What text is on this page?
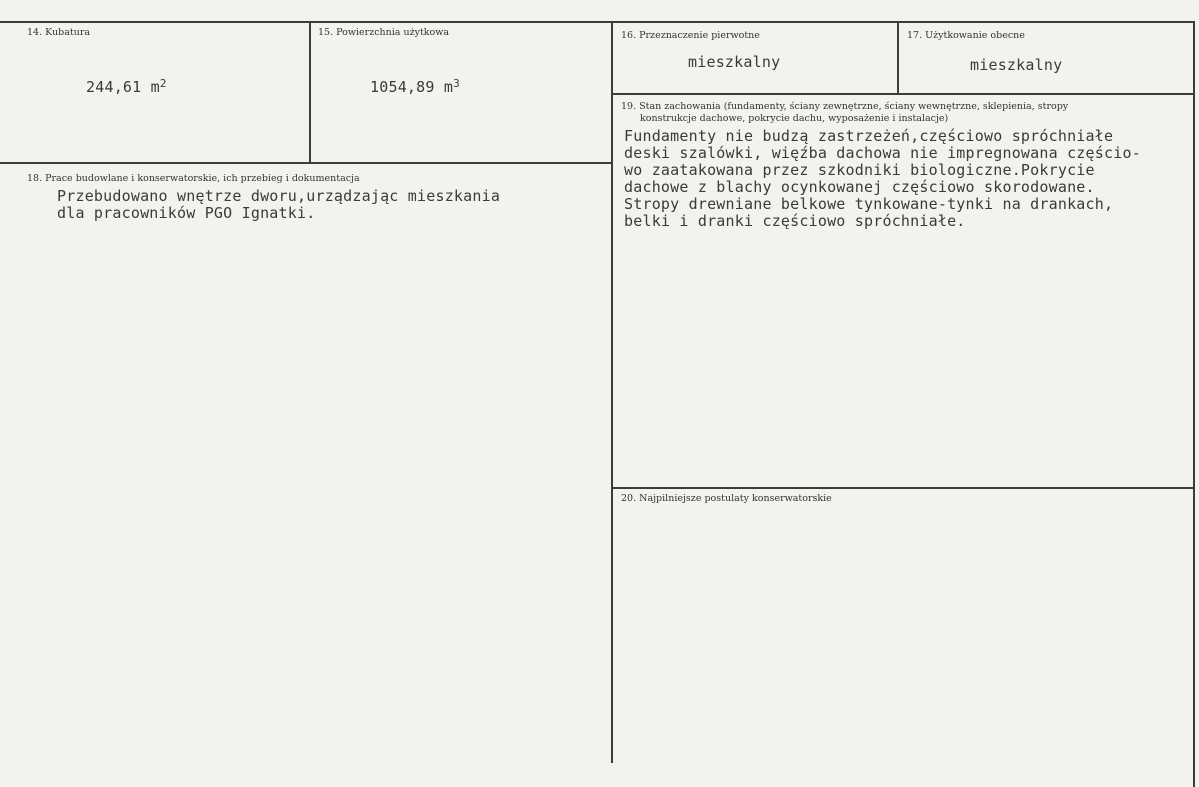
14. Kubatura
244,61 $m^2$
15. Powierzchnia użytkowa
1054,89 $m^3$
16. Przeznaczenie pierwotne
mieszkalny
17. Użytkowanie obecne
mieszkalny
18. Prace budowlane i konserwatorskie, ich przebieg i dokumentacja
Przebudowano wnętrze dworu,urządzając mieszkania
dla pracowników PGO Ignatki.
19. Stan zachowania (fundamenty, ściany zewnętrzne, ściany wewnętrzne, sklepienia, stropy
konstrukcje dachowe, pokrycie dachu, wyposażenie i instalacje)
Fundamenty nie budzą zastrzeżeń,częściowo spróchniałe
deski szalówki, więźba dachowa nie impregnowana częścio-
wo zaatakowana przez szkodniki biologiczne.Pokrycie
dachowe z blachy ocynkowanej częściowo skorodowane.
Stropy drewniane belkowe tynkowane-tynki na drankach,
belki i dranki częściowo spróchniałe.
20. Najpilniejsze postulaty konserwatorskie
